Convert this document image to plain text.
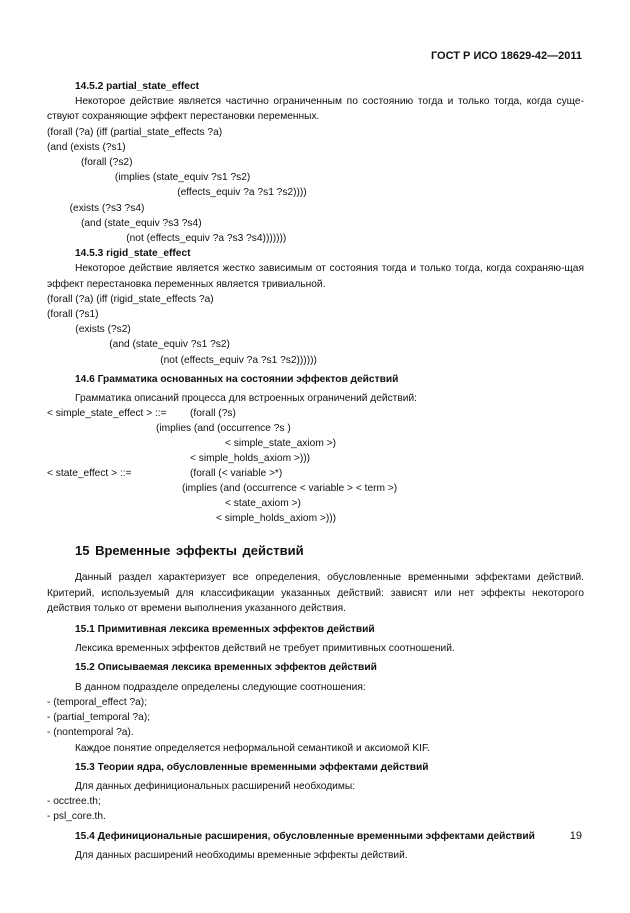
ГОСТ Р ИСО 18629-42—2011

14.5.2 partial_state_effect

Некоторое действие является частично ограниченным по состоянию тогда и только тогда, когда суще-ствуют сохраняющие эффект перестановки переменных.

(forall (?a) (iff (partial_state_effects ?a)

(and (exists (?s1)

(forall (?s2)

(implies (state_equiv ?s1 ?s2)

(effects_equiv ?a ?s1 ?s2))))

(exists (?s3 ?s4)

(and (state_equiv ?s3 ?s4)

(not (effects_equiv ?a ?s3 ?s4)))))))

14.5.3 rigid_state_effect

Некоторое действие является жестко зависимым от состояния тогда и только тогда, когда сохраняю-щая эффект перестановка переменных является тривиальной.

(forall (?a) (iff (rigid_state_effects ?a)

(forall (?s1)

(exists (?s2)

(and (state_equiv ?s1 ?s2)

(not (effects_equiv ?a ?s1 ?s2))))))

14.6 Грамматика основанных на состоянии эффектов действий

Грамматика описаний процесса для встроенных ограничений действий:

< simple_state_effect > ::= (forall (?s)
(implies (and (occurrence ?s )
< simple_state_axiom >)
< simple_holds_axiom >)))
< state_effect > ::=	(forall (< variable >*)
(implies (and (occurrence < variable > < term >)
< state_axiom >)
< simple_holds_axiom >)))

15 Временные эффекты действий

Данный раздел характеризует все определения, обусловленные временными эффектами действий. Критерий, используемый для классификации указанных действий: зависят или нет эффекты некоторого действия только от времени выполнения указанного действия.

15.1 Примитивная лексика временных эффектов действий

Лексика временных эффектов действий не требует примитивных соотношений.

15.2 Описываемая лексика временных эффектов действий

В данном подразделе определены следующие соотношения:

- (temporal_effect ?a);

- (partial_temporal ?a);

- (nontemporal ?a).

Каждое понятие определяется неформальной семантикой и аксиомой KIF.

15.3 Теории ядра, обусловленные временными эффектами действий

Для данных дефинициональных расширений необходимы:

- occtree.th;

- psl_core.th.

15.4 Дефинициональные расширения, обусловленные временными эффектами действий

Для данных расширений необходимы временные эффекты действий.

19
